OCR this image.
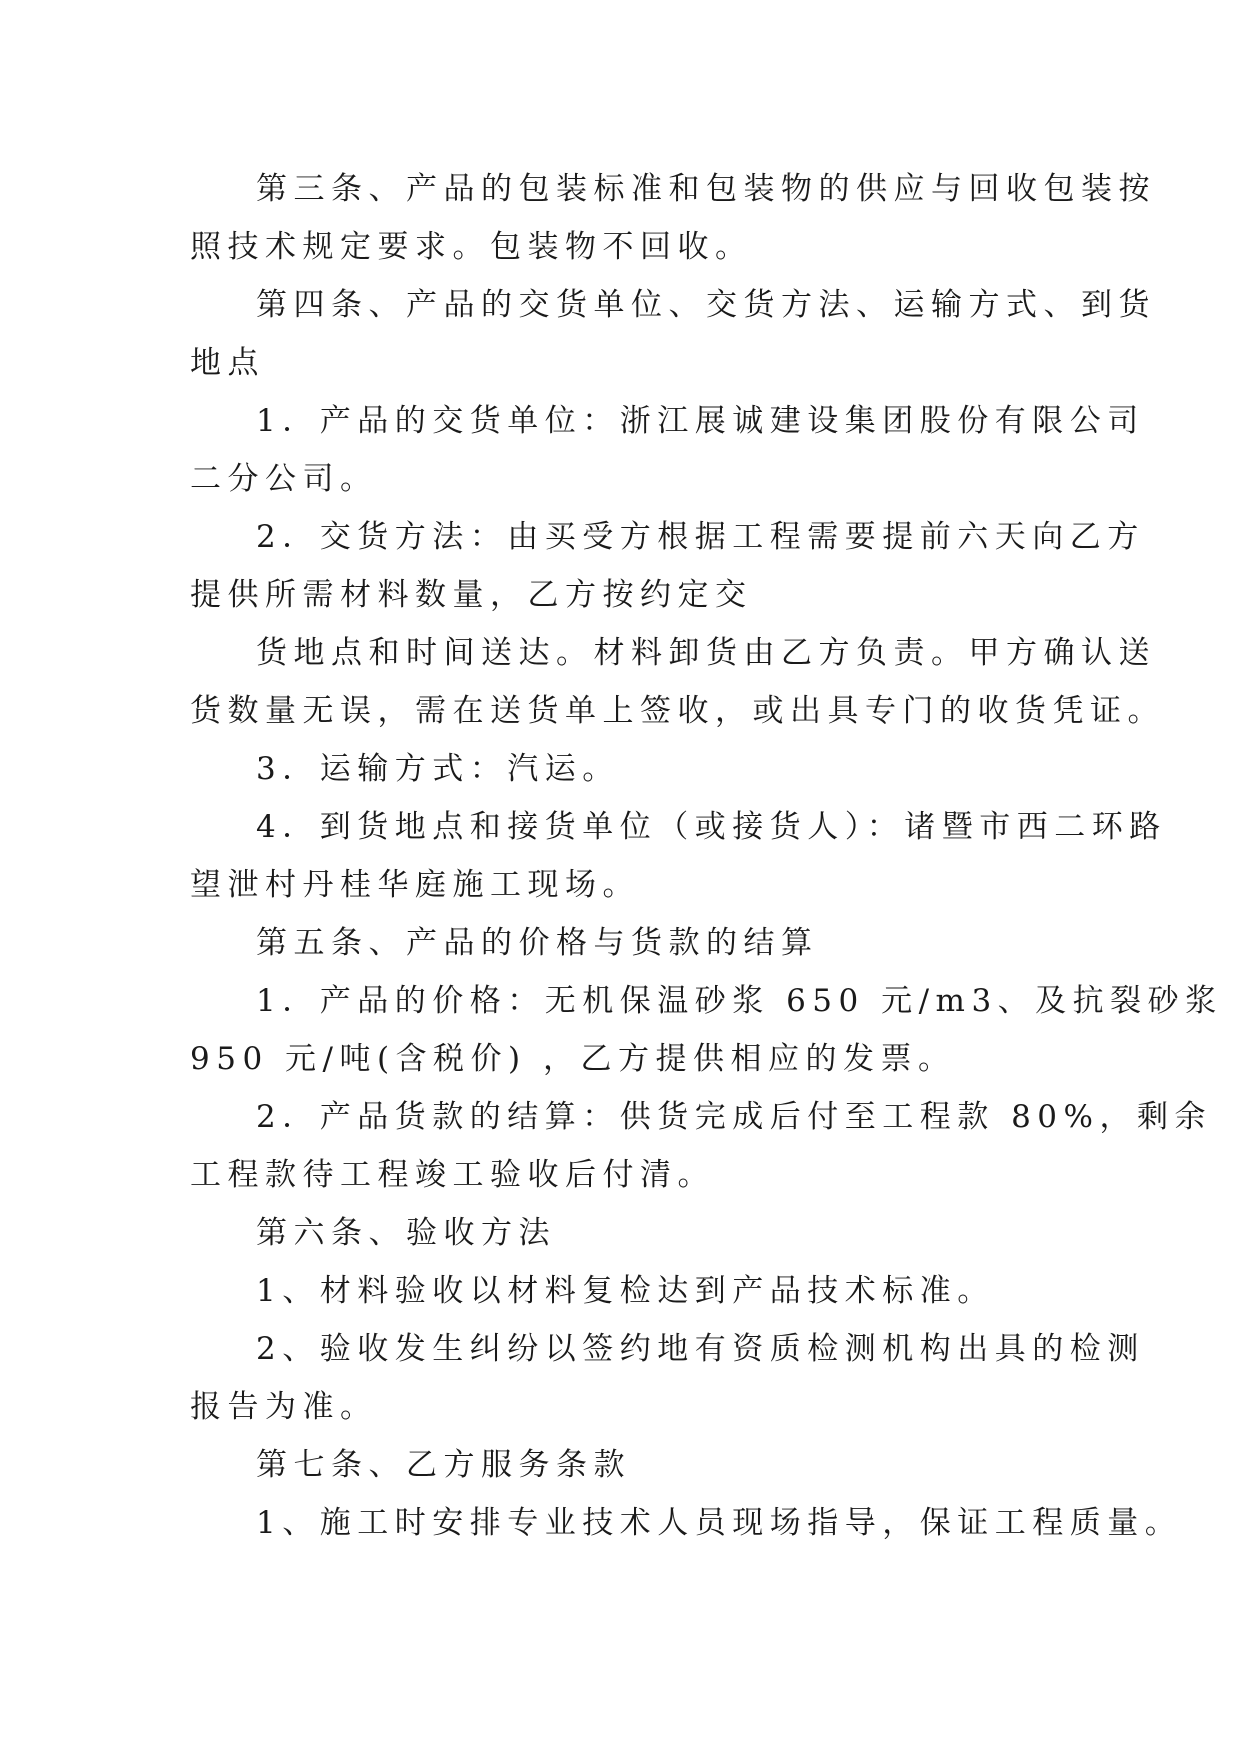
第三条、产品的包装标准和包装物的供应与回收包装按
照技术规定要求。包装物不回收。
第四条、产品的交货单位、交货方法、运输方式、到货
地点
1．产品的交货单位：浙江展诚建设集团股份有限公司
二分公司。
2．交货方法：由买受方根据工程需要提前六天向乙方
提供所需材料数量，乙方按约定交
货地点和时间送达。材料卸货由乙方负责。甲方确认送
货数量无误，需在送货单上签收，或出具专门的收货凭证。
3．运输方式：汽运。
4．到货地点和接货单位（或接货人）：诸暨市西二环路
望泄村丹桂华庭施工现场。
第五条、产品的价格与货款的结算
1．产品的价格：无机保温砂浆 650 元/m3、及抗裂砂浆
950 元/吨(含税价) ，乙方提供相应的发票。
2．产品货款的结算：供货完成后付至工程款 80%，剩余
工程款待工程竣工验收后付清。
第六条、验收方法
1、材料验收以材料复检达到产品技术标准。
2、验收发生纠纷以签约地有资质检测机构出具的检测
报告为准。
第七条、乙方服务条款
1、施工时安排专业技术人员现场指导，保证工程质量。
